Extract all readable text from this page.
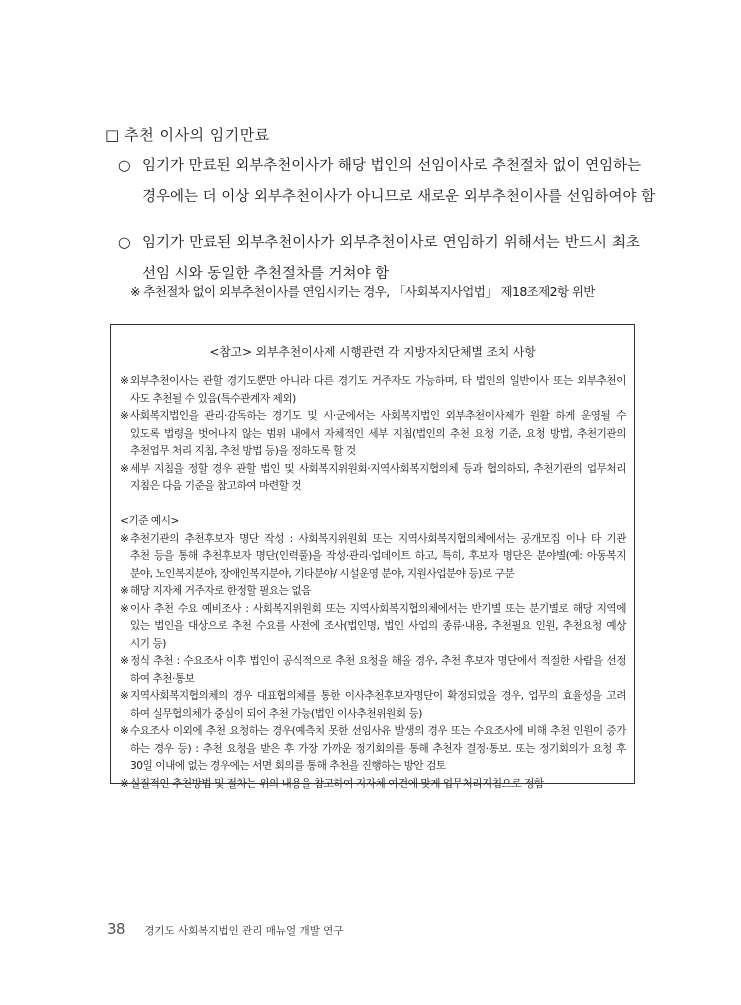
□ 추천 이사의 임기만료
○ 임기가 만료된 외부추천이사가 해당 법인의 선임이사로 추천절차 없이 연임하는
경우에는 더 이상 외부추천이사가 아니므로 새로운 외부추천이사를 선임하여야 함
○ 임기가 만료된 외부추천이사가 외부추천이사로 연임하기 위해서는 반드시 최초
선임 시와 동일한 추천절차를 거쳐야 함
※ 추천절차 없이 외부추천이사를 연임시키는 경우, 「사회복지사업법」 제18조제2항 위반
<참고> 외부추천이사제 시행관련 각 지방자치단체별 조치 사항
※ 외부추천이사는 관할 경기도뿐만 아니라 다른 경기도 거주자도 가능하며, 타 법인의 일반이사 또는 외부추천이
사도 추천될 수 있음(특수관계자 제외)
※ 사회복지법인을 관리·감독하는 경기도 및 시·군에서는 사회복지법인 외부추천이사제가 원활 하게 운영될 수
있도록 법령을 벗어나지 않는 범위 내에서 자체적인 세부 지침(법인의 추천 요청 기준, 요청 방법, 추천기관의
추천업무 처리 지침, 추천 방법 등)을 정하도록 할 것
※ 세부 지침을 정할 경우 관할 법인 및 사회복지위원회·지역사회복지협의체 등과 협의하되, 추천기관의 업무처리
지침은 다음 기준을 참고하여 마련할 것
<기준 예시>
※ 추천기관의 추천후보자 명단 작성 : 사회복지위원회 또는 지역사회복지협의체에서는 공개모집 이나 타 기관
추천 등을 통해 추천후보자 명단(인력풀)을 작성·관리·업데이트 하고, 특히, 후보자 명단은 분야별(예: 아동복지
분야, 노인복지분야, 장애인복지분야, 기타분야/ 시설운영 분야, 지원사업분야 등)로 구분
※ 해당 지자체 거주자로 한정할 필요는 없음
※ 이사 추천 수요 예비조사 : 사회복지위원회 또는 지역사회복지협의체에서는 반기별 또는 분기별로 해당 지역에
있는 법인을 대상으로 추천 수요를 사전에 조사(법인명, 법인 사업의 종류·내용, 추천필요 인원, 추천요청 예상
시기 등)
※ 정식 추천 : 수요조사 이후 법인이 공식적으로 추천 요청을 해올 경우, 추천 후보자 명단에서 적절한 사람을 선정
하여 추천·통보
※ 지역사회복지협의체의 경우 대표협의체를 통한 이사추천후보자명단이 확정되었을 경우, 업무의 효율성을 고려
하여 실무협의체가 중심이 되어 추천 가능(법인 이사추천위원회 등)
※ 수요조사 이외에 추천 요청하는 경우(예측치 못한 선임사유 발생의 경우 또는 수요조사에 비해 추천 인원이 증가
하는 경우 등) : 추천 요청을 받은 후 가장 가까운 정기회의를 통해 추천자 결정·통보. 또는 정기회의가 요청 후
30일 이내에 없는 경우에는 서면 회의를 통해 추천을 진행하는 방안 검토
※ 실질적인 추천방법 및 절차는 위의 내용을 참고하여 지자체 여건에 맞게 업무처리지침으로 정함
38 경기도 사회복지법인 관리 매뉴얼 개발 연구
